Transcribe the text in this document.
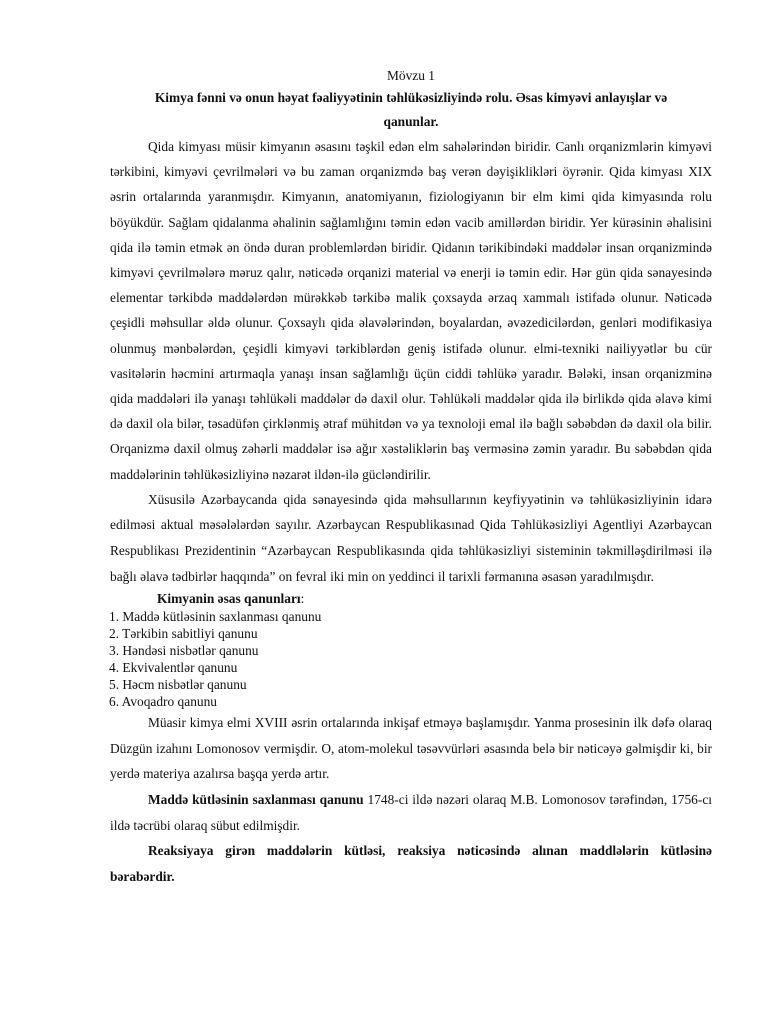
Mövzu 1

Kimya fənni və onun həyat fəaliyyətinin təhlükəsizliyində rolu. Əsas kimyəvi anlayışlar və
qanunlar.

Qida kimyası müsir kimyanın əsasını təşkil edən elm sahələrindən biridir. Canlı orqanizmlərin kimyəvi tərkibini, kimyəvi çevrilmələri və bu zaman orqanizmdə baş verən dəyişiklikləri öyrənir. Qida kimyası XIX əsrin ortalarında yaranmışdır. Kimyanın, anatomiyanın, fiziologiyanın bir elm kimi qida kimyasında rolu böyükdür. Sağlam qidalanma əhalinin sağlamlığını təmin edən vacib amillərdən biridir. Yer kürəsinin əhalisini qida ilə təmin etmək ən öndə duran problemlərdən biridir. Qidanın tərikibindəki maddələr insan orqanizmində kimyəvi çevrilmələrə məruz qalır, nəticədə orqanizi material və enerji iə təmin edir. Hər gün qida sənayesində elementar tərkibdə maddələrdən mürəkkəb tərkibə malik çoxsayda ərzaq xammalı istifadə olunur. Nəticədə çeşidli məhsullar əldə olunur. Çoxsaylı qida əlavələrindən, boyalardan, əvəzedicilərdən, genləri modifikasiya olunmuş mənbələrdən, çeşidli kimyəvi tərkiblərdən geniş istifadə olunur. elmi-texniki nailiyyətlər bu cür vasitələrin həcmini artırmaqla yanaşı insan sağlamlığı üçün ciddi təhlükə yaradır. Bələki, insan orqanizminə qida maddələri ilə yanaşı təhlükəli maddələr də daxil olur. Təhlükəli maddələr qida ilə birlikdə qida əlavə kimi də daxil ola bilər, təsadüfən çirklənmiş ətraf mühitdən və ya texnoloji emal ilə bağlı səbəbdən də daxil ola bilir. Orqanizmə daxil olmuş zəhərli maddələr isə ağır xəstəliklərin baş verməsinə zəmin yaradır. Bu səbəbdən qida maddələrinin təhlükəsizliyinə nəzarət ildən-ilə gücləndirilir.

Xüsusilə Azərbaycanda qida sənayesində qida məhsullarının keyfiyyətinin və təhlükəsizliyinin idarə edilməsi aktual məsələlərdən sayılır. Azərbaycan Respublikasınad Qida Təhlükəsizliyi Agentliyi Azərbaycan Respublikası Prezidentinin “Azərbaycan Respublikasında qida təhlükəsizliyi sisteminin təkmilləşdirilməsi ilə bağlı əlavə tədbirlər haqqında” on fevral iki min on yeddinci il tarixli fərmanına əsasən yaradılmışdır.

Kimyanin əsas qanunları:
1. Maddə kütləsinin saxlanması qanunu
2. Tərkibin sabitliyi qanunu
3. Həndəsi nisbətlər qanunu
4. Ekvivalentlər qanunu
5. Həcm nisbətlər qanunu
6. Avoqadro qanunu

Müasir kimya elmi XVIII əsrin ortalarında inkişaf etməyə başlamışdır. Yanma prosesinin ilk dəfə olaraq Düzgün izahını Lomonosov vermişdir. O, atom-molekul təsəvvürləri əsasında belə bir nəticəyə gəlmişdir ki, bir yerdə materiya azalırsa başqa yerdə artır.

Maddə kütləsinin saxlanması qanunu 1748-ci ildə nəzəri olaraq M.B. Lomonosov tərəfindən, 1756-cı ildə təcrübi olaraq sübut edilmişdir.

Reaksiyaya girən maddələrin kütləsi, reaksiya nəticəsində alınan maddlələrin kütləsinə bərabərdir.
